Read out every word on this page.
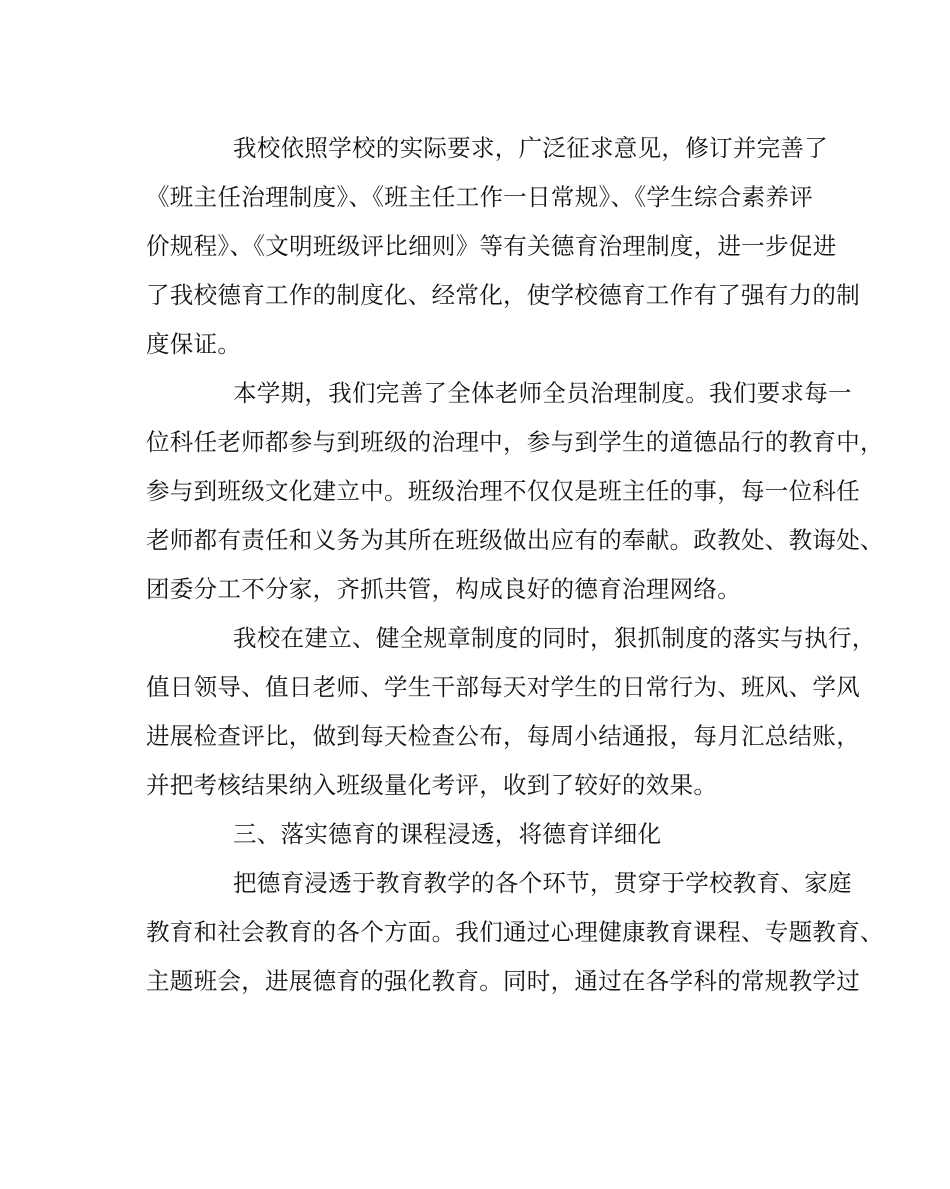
我校依照学校的实际要求，广泛征求意见，修订并完善了

《班主任治理制度》、《班主任工作一日常规》、《学生综合素养评

价规程》、《文明班级评比细则》等有关德育治理制度，进一步促进

了我校德育工作的制度化、经常化，使学校德育工作有了强有力的制

度保证。

本学期，我们完善了全体老师全员治理制度。我们要求每一

位科任老师都参与到班级的治理中，参与到学生的道德品行的教育中，

参与到班级文化建立中。班级治理不仅仅是班主任的事，每一位科任

老师都有责任和义务为其所在班级做出应有的奉献。政教处、教诲处、

团委分工不分家，齐抓共管，构成良好的德育治理网络。

我校在建立、健全规章制度的同时，狠抓制度的落实与执行，

值日领导、值日老师、学生干部每天对学生的日常行为、班风、学风

进展检查评比，做到每天检查公布，每周小结通报，每月汇总结账，

并把考核结果纳入班级量化考评，收到了较好的效果。

三、落实德育的课程浸透，将德育详细化

把德育浸透于教育教学的各个环节，贯穿于学校教育、家庭

教育和社会教育的各个方面。我们通过心理健康教育课程、专题教育、

主题班会，进展德育的强化教育。同时，通过在各学科的常规教学过
